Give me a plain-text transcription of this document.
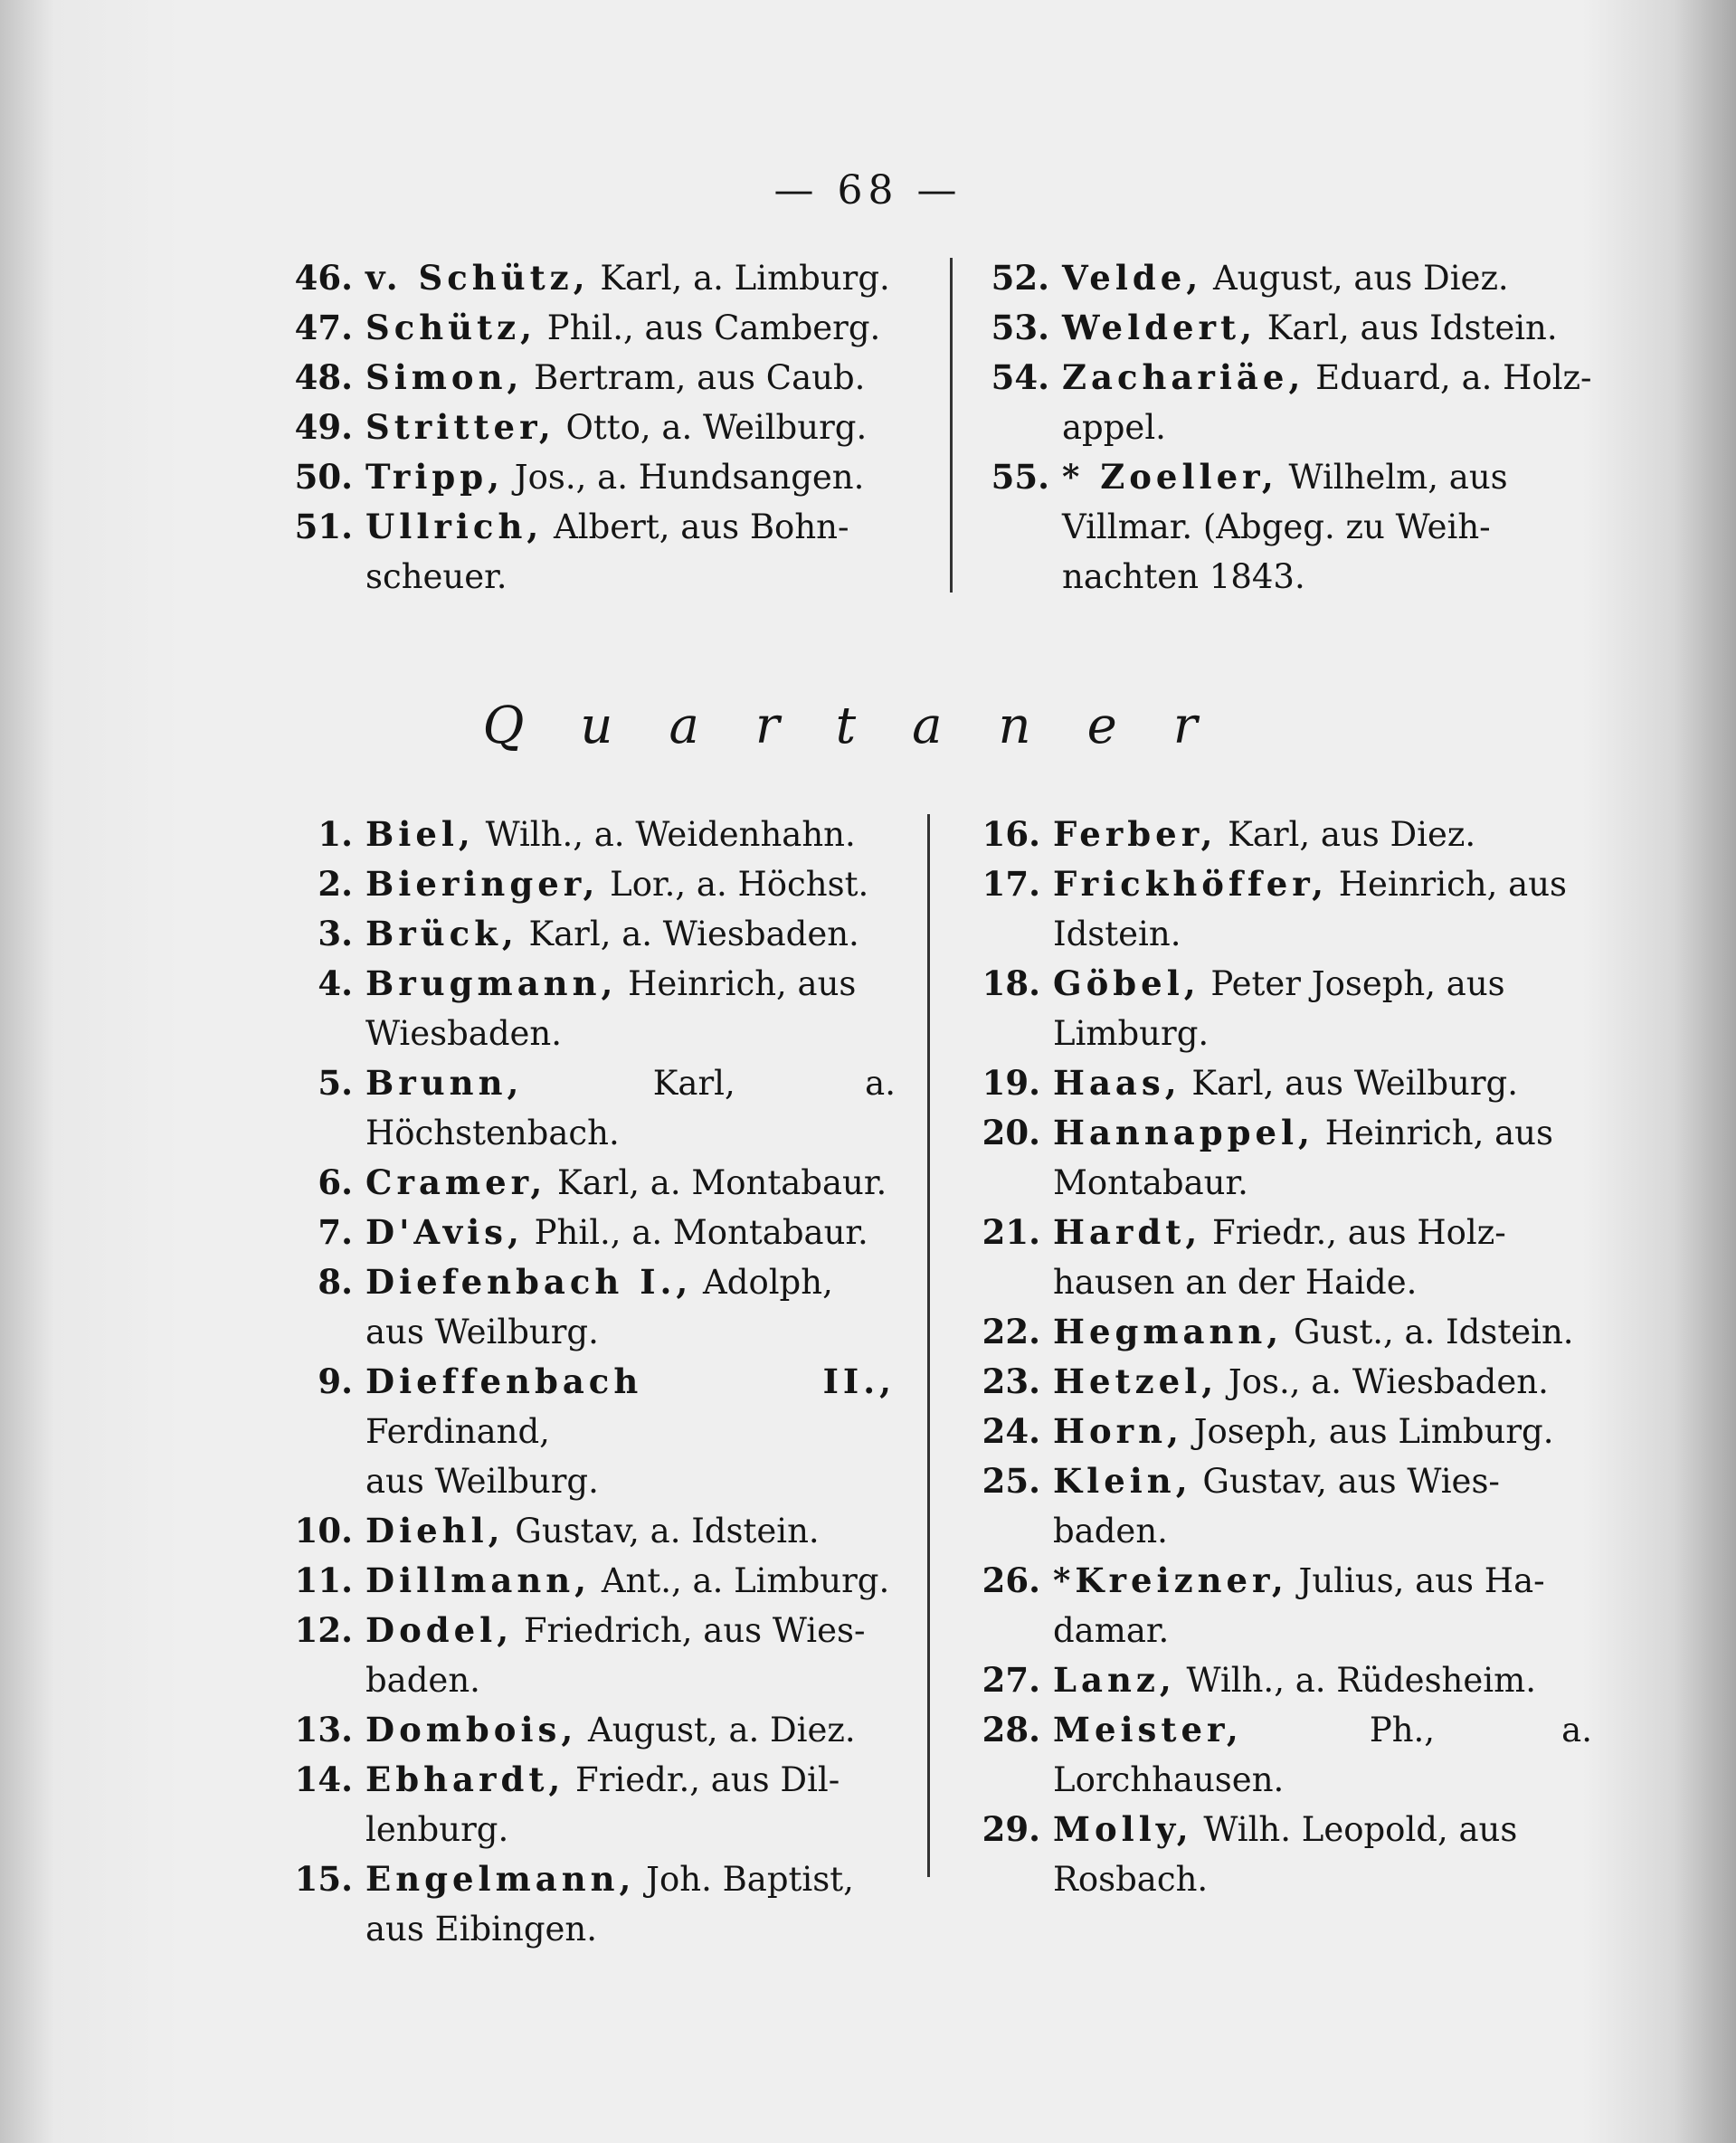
— 68 —
46. v. Schütz, Karl, a. Limburg.
47. Schütz, Phil., aus Camberg.
48. Simon, Bertram, aus Caub.
49. Stritter, Otto, a. Weilburg.
50. Tripp, Jos., a. Hundsangen.
51. Ullrich, Albert, aus Bohn-
scheuer.
52. Velde, August, aus Diez.
53. Weldert, Karl, aus Idstein.
54. Zachariäe, Eduard, a. Holz-
appel.
55. * Zoeller, Wilhelm, aus
Villmar. (Abgeg. zu Weih-
nachten 1843.
Quartaner
1. Biel, Wilh., a. Weidenhahn.
2. Bieringer, Lor., a. Höchst.
3. Brück, Karl, a. Wiesbaden.
4. Brugmann, Heinrich, aus
Wiesbaden.
5. Brunn, Karl, a. Höchstenbach.
6. Cramer, Karl, a. Montabaur.
7. D'Avis, Phil., a. Montabaur.
8. Diefenbach I., Adolph,
aus Weilburg.
9. Dieffenbach II., Ferdinand,
aus Weilburg.
10. Diehl, Gustav, a. Idstein.
11. Dillmann, Ant., a. Limburg.
12. Dodel, Friedrich, aus Wies-
baden.
13. Dombois, August, a. Diez.
14. Ebhardt, Friedr., aus Dil-
lenburg.
15. Engelmann, Joh. Baptist,
aus Eibingen.
16. Ferber, Karl, aus Diez.
17. Frickhöffer, Heinrich, aus
Idstein.
18. Göbel, Peter Joseph, aus
Limburg.
19. Haas, Karl, aus Weilburg.
20. Hannappel, Heinrich, aus
Montabaur.
21. Hardt, Friedr., aus Holz-
hausen an der Haide.
22. Hegmann, Gust., a. Idstein.
23. Hetzel, Jos., a. Wiesbaden.
24. Horn, Joseph, aus Limburg.
25. Klein, Gustav, aus Wies-
baden.
26. *Kreizner, Julius, aus Ha-
damar.
27. Lanz, Wilh., a. Rüdesheim.
28. Meister, Ph., a. Lorchhausen.
29. Molly, Wilh. Leopold, aus
Rosbach.
